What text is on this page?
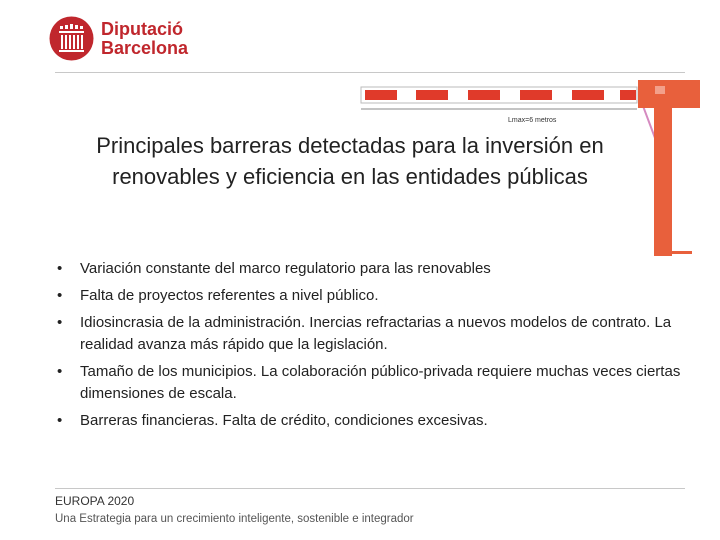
Diputació
Barcelona
Lmax=6 metros
Principales barreras detectadas para la inversión en
renovables y eficiencia en las entidades públicas
• Variación constante del marco regulatorio para las renovables
• Falta de proyectos referentes a nivel público.
• Idiosincrasia de la administración. Inercias refractarias a nuevos modelos de contrato. La realidad avanza más rápido que la legislación.
• Tamaño de los municipios. La colaboración público-privada requiere muchas veces ciertas dimensiones de escala.
• Barreras financieras. Falta de crédito, condiciones excesivas.
EUROPA 2020
Una Estrategia para un crecimiento inteligente, sostenible e integrador
